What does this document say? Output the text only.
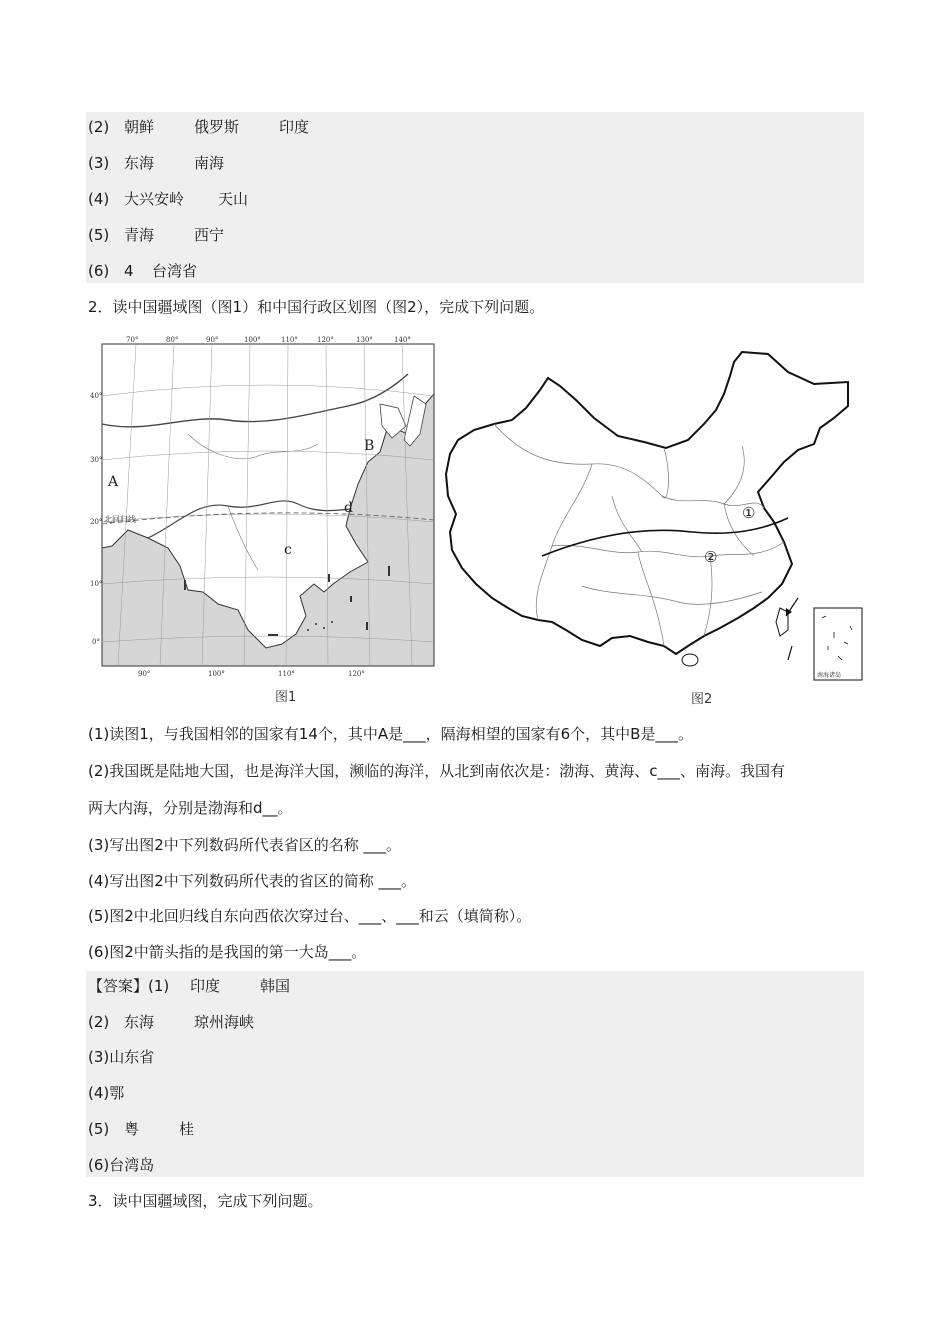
(2) 朝鲜	俄罗斯	印度
(3) 东海	南海
(4) 大兴安岭 天山
(5) 青海	西宁
(6) 4 台湾省
2．读中国疆域图（图1）和中国行政区划图（图2），完成下列问题。
70°	80°	90°	100°	110°	120°	130°	140°
40°
30°
20°
10°
0°
90°	100°	110°	120°
北回归线
A
B
c
d
图1
南海诸岛
①
②
图2
(1)读图1，与我国相邻的国家有14个，其中A是___，隔海相望的国家有6个，其中B是___。
(2)我国既是陆地大国，也是海洋大国，濒临的海洋，从北到南依次是：渤海、黄海、c___、南海。我国有
两大内海，分别是渤海和d__。
(3)写出图2中下列数码所代表省区的名称 ___。
(4)写出图2中下列数码所代表的省区的简称 ___。
(5)图2中北回归线自东向西依次穿过台、___、___和云（填简称）。
(6)图2中箭头指的是我国的第一大岛___。
【答案】(1) 印度	韩国
(2) 东海	琼州海峡
(3)山东省
(4)鄂
(5) 粤	桂
(6)台湾岛
3．读中国疆域图，完成下列问题。
